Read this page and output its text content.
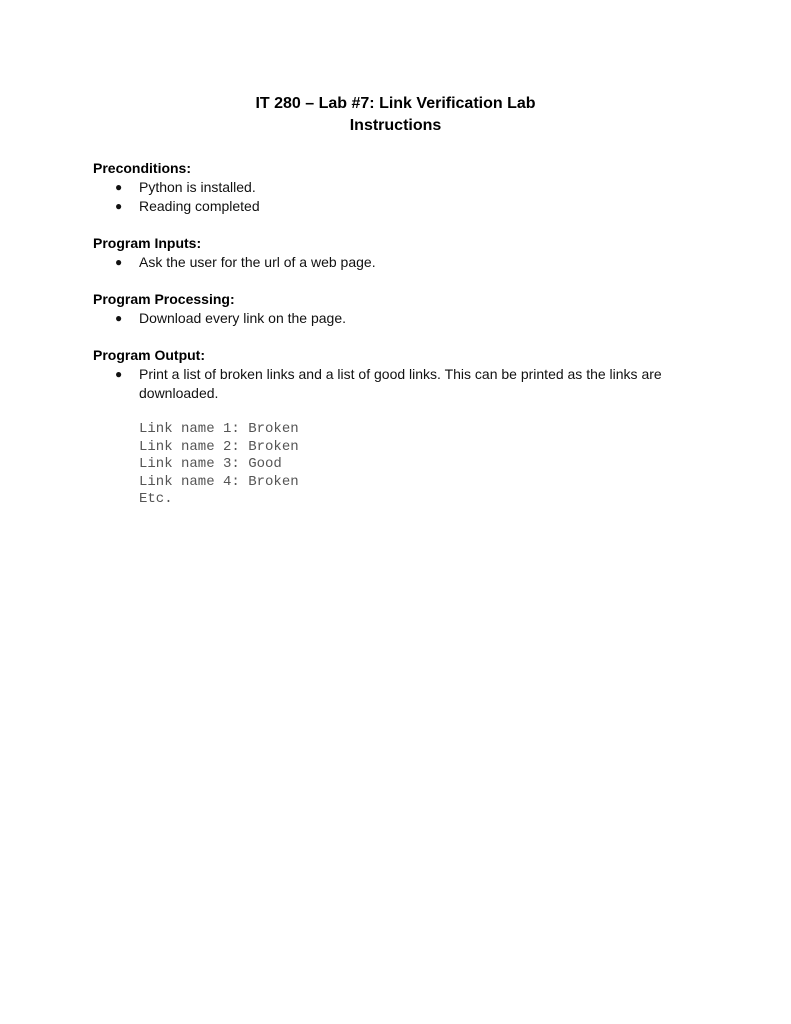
IT 280 – Lab #7: Link Verification Lab
Instructions
Preconditions:
● Python is installed.
● Reading completed
Program Inputs:
● Ask the user for the url of a web page.
Program Processing:
● Download every link on the page.
Program Output:
● Print a list of broken links and a list of good links. This can be printed as the links are downloaded.
Link name 1: Broken
Link name 2: Broken
Link name 3: Good
Link name 4: Broken
Etc.
